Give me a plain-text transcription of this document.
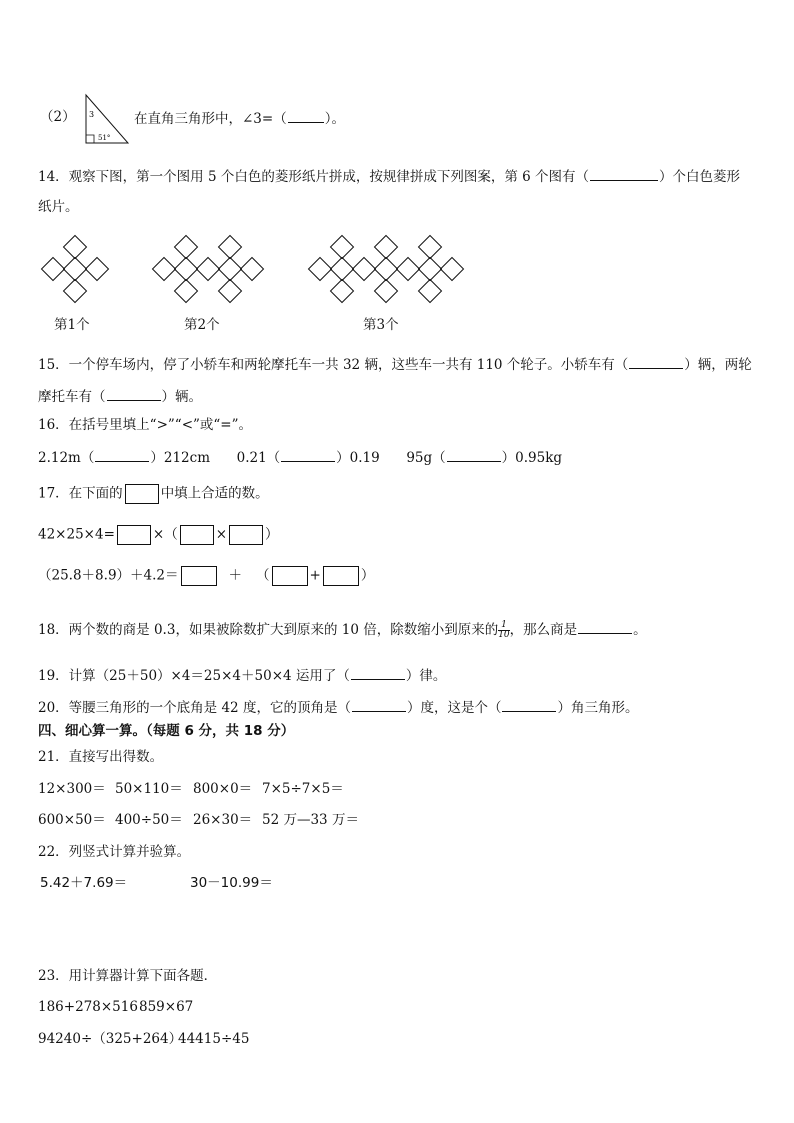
（2） 3
51°
在直角三角形中，∠3=（	）。
14．观察下图，第一个图用 5 个白色的菱形纸片拼成，按规律拼成下列图案，第 6 个图有（	）个白色菱形
纸片。
第1个	第2个	第3个
15．一个停车场内，停了小轿车和两轮摩托车一共 32 辆，这些车一共有 110 个轮子。小轿车有（	）辆，两轮
摩托车有（	）辆。
16．在括号里填上“>”“<”或“=”。
2.12m（	）212cm 0.21（	）0.19 95g（	）0.95kg
17．在下面的	中填上合适的数。
42×25×4=	×（	×	）
（25.8＋8.9）＋4.2＝	＋ （	+	）
18．两个数的商是 0.3，如果被除数扩大到原来的 10 倍，除数缩小到原来的 $\frac{1}{10}$ ，那么商是	。
19．计算（25＋50）×4＝25×4＋50×4 运用了（	）律。
20．等腰三角形的一个底角是 42 度，它的顶角是（	）度，这是个（	）角三角形。
四、细心算一算。（每题 6 分，共 18 分）
21．直接写出得数。
12×300＝ 50×110＝ 800×0＝ 7×5÷7×5＝
600×50＝ 400÷50＝ 26×30＝ 52 万—33 万＝
22．列竖式计算并验算。
5.42＋7.69＝	30－10.99＝
23．用计算器计算下面各题．
186+278×516 859×67
94240÷（325+264）
44415÷45
